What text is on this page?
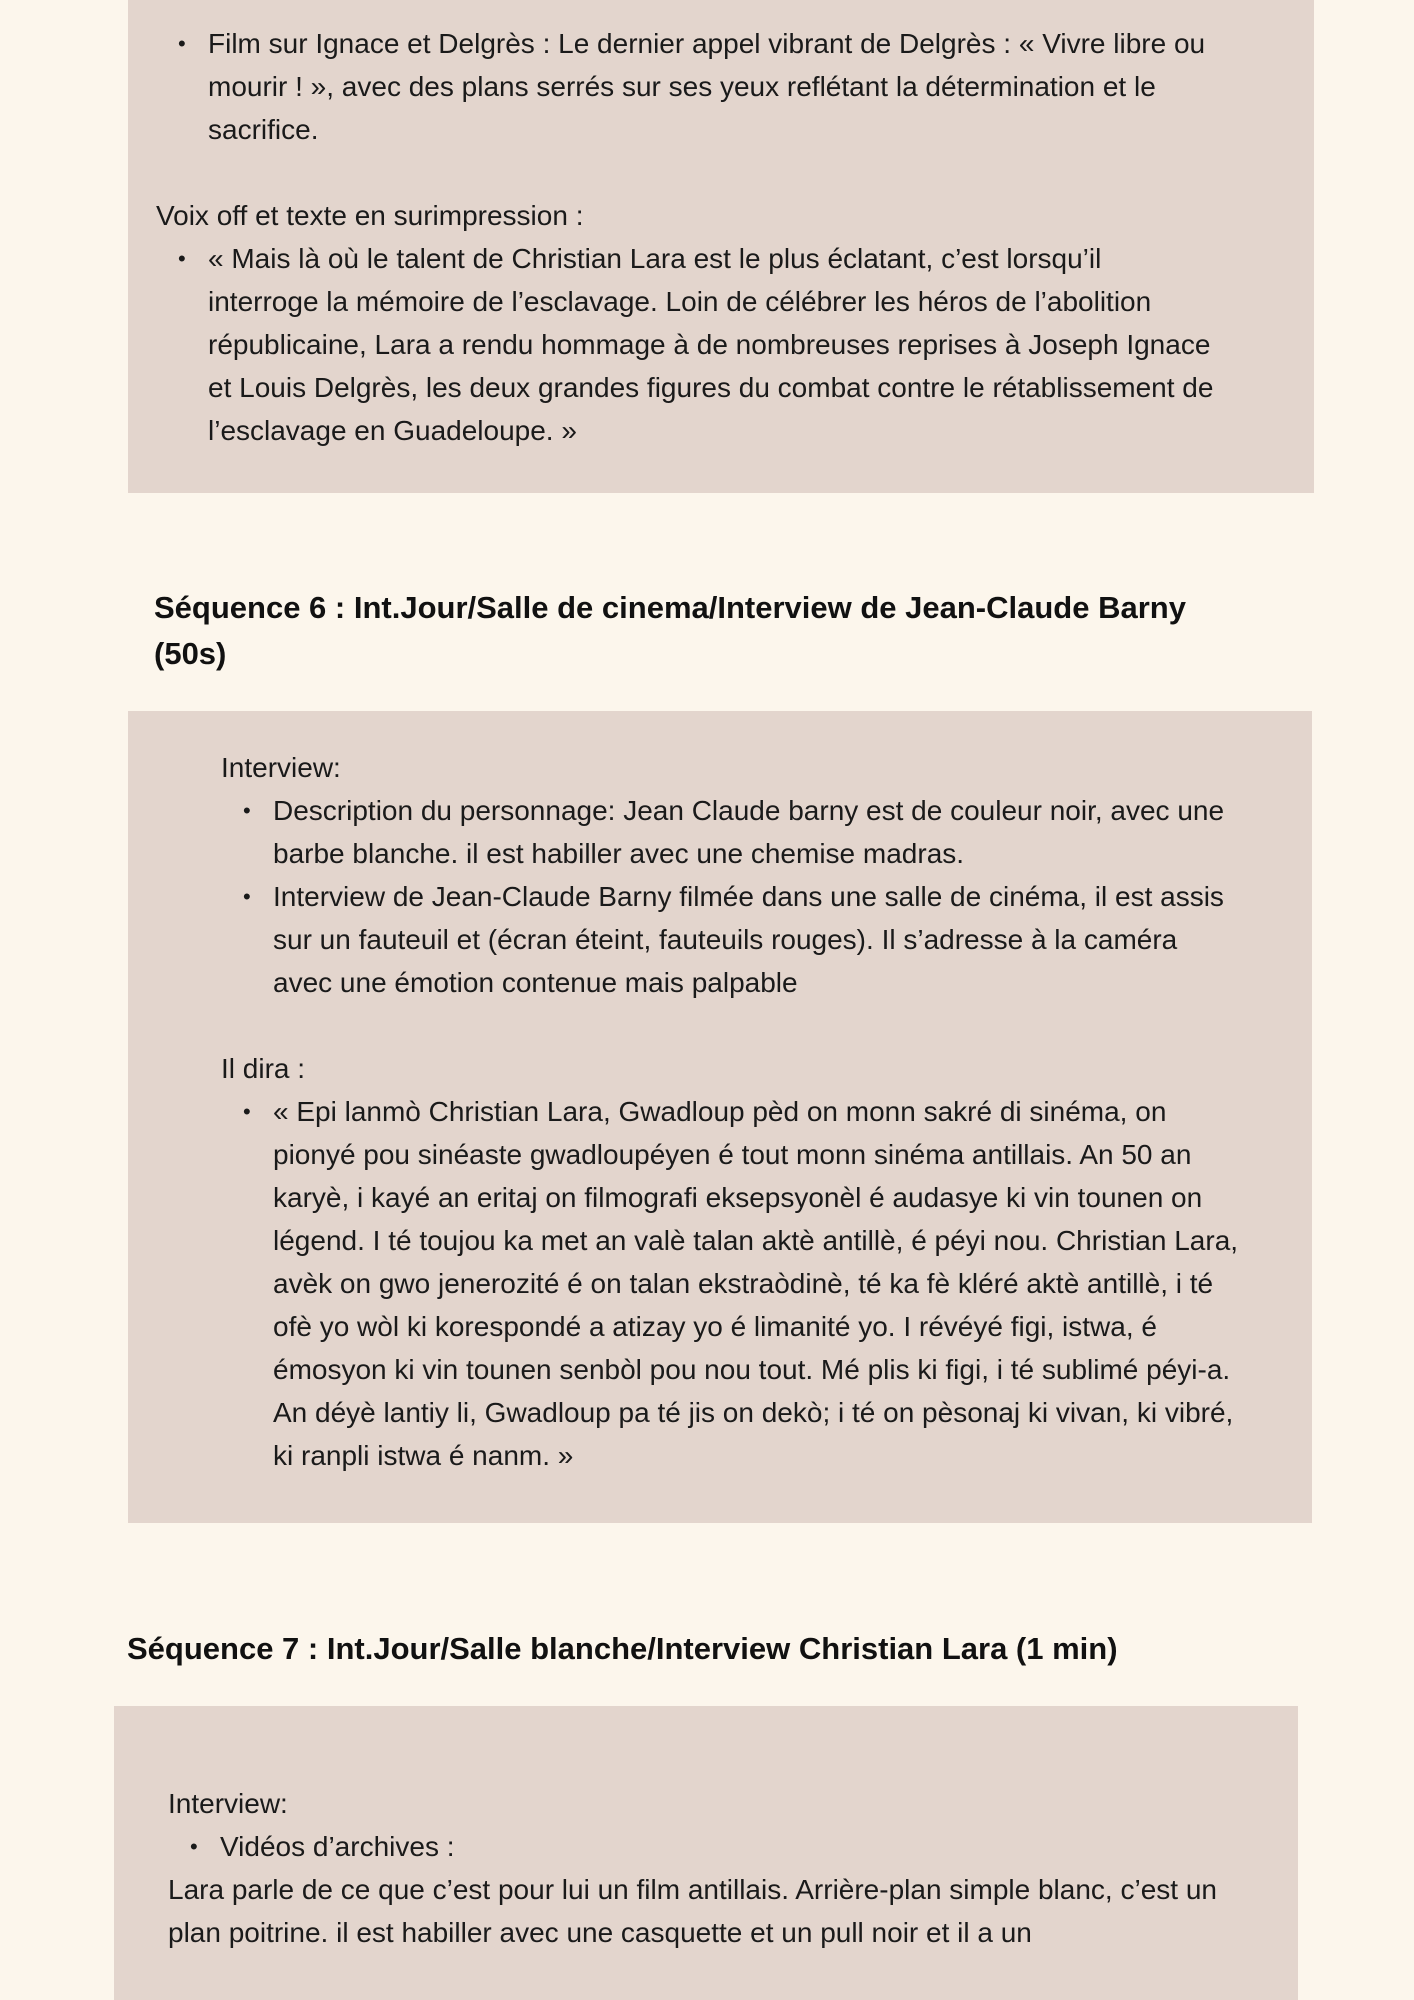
• Film sur Ignace et Delgrès : Le dernier appel vibrant de Delgrès : « Vivre libre ou mourir ! », avec des plans serrés sur ses yeux reflétant la détermination et le sacrifice.

Voix off et texte en surimpression :

• « Mais là où le talent de Christian Lara est le plus éclatant, c’est lorsqu’il interroge la mémoire de l’esclavage. Loin de célébrer les héros de l’abolition républicaine, Lara a rendu hommage à de nombreuses reprises à Joseph Ignace et Louis Delgrès, les deux grandes figures du combat contre le rétablissement de l’esclavage en Guadeloupe. »
Séquence 6 : Int.Jour/Salle de cinema/Interview de Jean-Claude Barny (50s)

Interview:

• Description du personnage: Jean Claude barny est de couleur noir, avec une barbe blanche. il est habiller avec une chemise madras.
• Interview de Jean-Claude Barny filmée dans une salle de cinéma, il est assis sur un fauteuil et (écran éteint, fauteuils rouges). Il s’adresse à la caméra avec une émotion contenue mais palpable

Il dira :

• « Epi lanmò Christian Lara, Gwadloup pèd on monn sakré di sinéma, on pionyé pou sinéaste gwadloupéyen é tout monn sinéma antillais. An 50 an karyè, i kayé an eritaj on filmografi eksepsyonèl é audasye ki vin tounen on légend. I té toujou ka met an valè talan aktè antillè, é péyi nou. Christian Lara, avèk on gwo jenerozité é on talan ekstraòdinè, té ka fè kléré aktè antillè, i té ofè yo wòl ki korespondé a atizay yo é limanité yo. I révéyé figi, istwa, é émosyon ki vin tounen senbòl pou nou tout. Mé plis ki figi, i té sublimé péyi-a. An déyè lantiy li, Gwadloup pa té jis on dekò; i té on pèsonaj ki vivan, ki vibré, ki ranpli istwa é nanm. »
Séquence 7 : Int.Jour/Salle blanche/Interview Christian Lara (1 min)

Interview:

• Vidéos d’archives :

Lara parle de ce que c’est pour lui un film antillais. Arrière-plan simple blanc, c’est un plan poitrine. il est habiller avec une casquette et un pull noir et il a un
